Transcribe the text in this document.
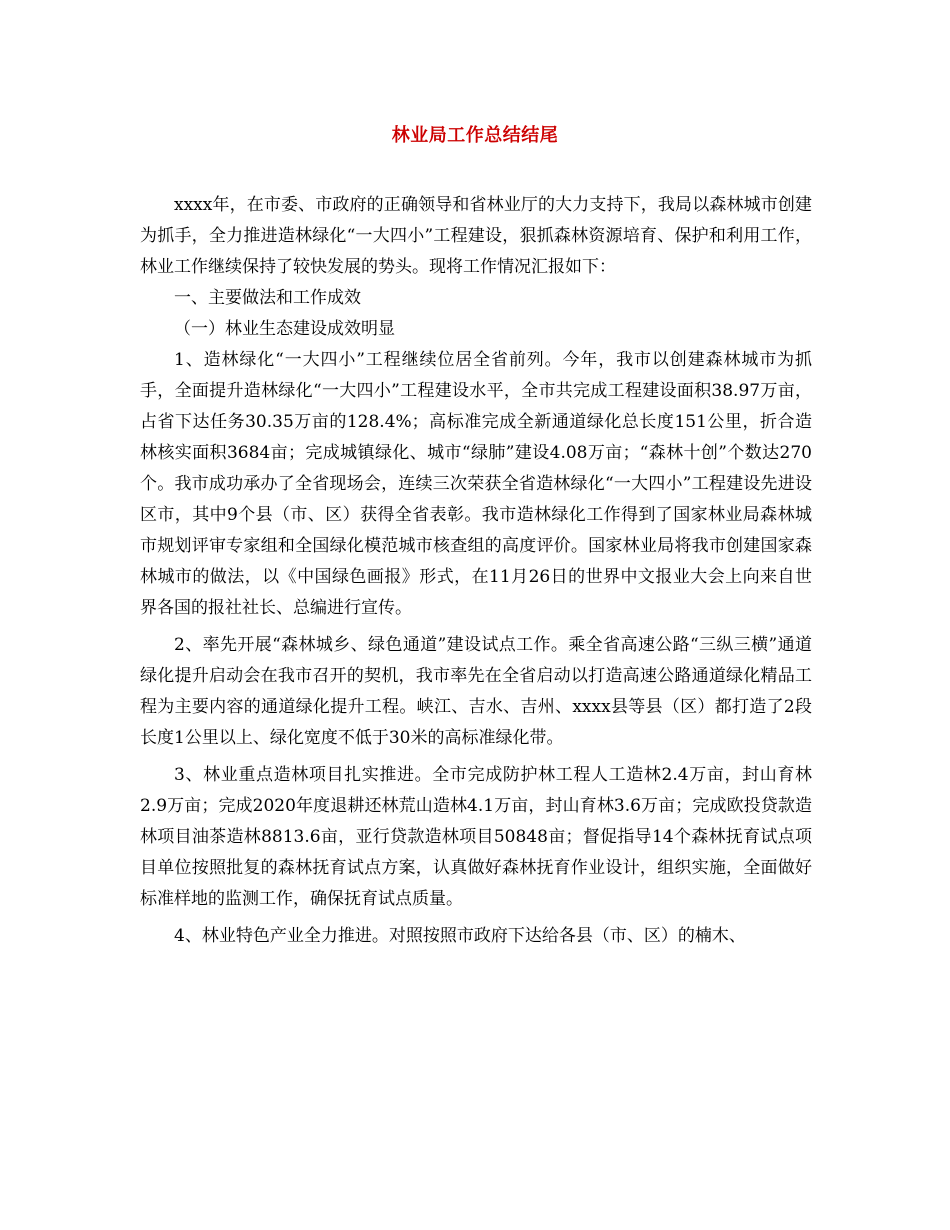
林业局工作总结结尾

xxxx年，在市委、市政府的正确领导和省林业厅的大力支持下，我局以森林城市创建为抓手，全力推进造林绿化“一大四小”工程建设，狠抓森林资源培育、保护和利用工作，林业工作继续保持了较快发展的势头。现将工作情况汇报如下：

一、主要做法和工作成效

（一）林业生态建设成效明显

1、造林绿化“一大四小”工程继续位居全省前列。今年，我市以创建森林城市为抓手，全面提升造林绿化“一大四小”工程建设水平，全市共完成工程建设面积38.97万亩，占省下达任务30.35万亩的128.4%；高标准完成全新通道绿化总长度151公里，折合造林核实面积3684亩；完成城镇绿化、城市“绿肺”建设4.08万亩；“森林十创”个数达270个。我市成功承办了全省现场会，连续三次荣获全省造林绿化“一大四小”工程建设先进设区市，其中9个县（市、区）获得全省表彰。我市造林绿化工作得到了国家林业局森林城市规划评审专家组和全国绿化模范城市核查组的高度评价。国家林业局将我市创建国家森林城市的做法，以《中国绿色画报》形式，在11月26日的世界中文报业大会上向来自世界各国的报社社长、总编进行宣传。

2、率先开展“森林城乡、绿色通道”建设试点工作。乘全省高速公路“三纵三横”通道绿化提升启动会在我市召开的契机，我市率先在全省启动以打造高速公路通道绿化精品工程为主要内容的通道绿化提升工程。峡江、吉水、吉州、xxxx县等县（区）都打造了2段长度1公里以上、绿化宽度不低于30米的高标准绿化带。

3、林业重点造林项目扎实推进。全市完成防护林工程人工造林2.4万亩，封山育林2.9万亩；完成2020年度退耕还林荒山造林4.1万亩，封山育林3.6万亩；完成欧投贷款造林项目油茶造林8813.6亩，亚行贷款造林项目50848亩；督促指导14个森林抚育试点项目单位按照批复的森林抚育试点方案，认真做好森林抚育作业设计，组织实施，全面做好标准样地的监测工作，确保抚育试点质量。

4、林业特色产业全力推进。对照按照市政府下达给各县（市、区）的楠木、
